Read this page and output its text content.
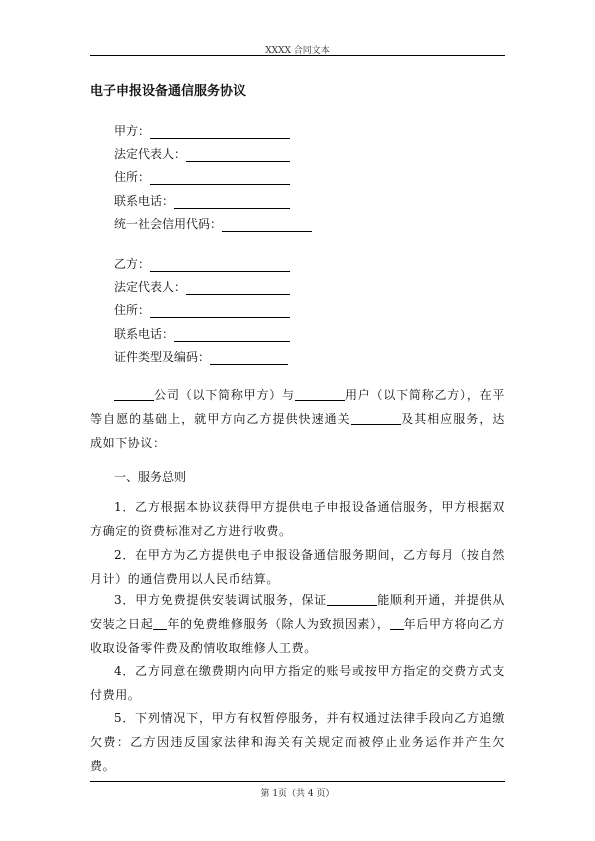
XXXX 合同文本
电子申报设备通信服务协议
甲方：
法定代表人：
住所：
联系电话：
统一社会信用代码：
乙方：
法定代表人：
住所：
联系电话：
证件类型及编码：

公司（以下简称甲方）与	用户（以下简称乙方），在平等自愿的基础上，就甲方向乙方提供快速通关	及其相应服务，达成如下协议：

一、服务总则

1．乙方根据本协议获得甲方提供电子申报设备通信服务，甲方根据双方确定的资费标准对乙方进行收费。

2．在甲方为乙方提供电子申报设备通信服务期间，乙方每月（按自然月计）的通信费用以人民币结算。

3．甲方免费提供安装调试服务，保证	能顺利开通，并提供从安装之日起 年的免费维修服务（除人为致损因素）， 年后甲方将向乙方收取设备零件费及酌情收取维修人工费。

4．乙方同意在缴费期内向甲方指定的账号或按甲方指定的交费方式支付费用。

5．下列情况下，甲方有权暂停服务，并有权通过法律手段向乙方追缴欠费：乙方因违反国家法律和海关有关规定而被停止业务运作并产生欠费。

第 1页（共 4 页）
